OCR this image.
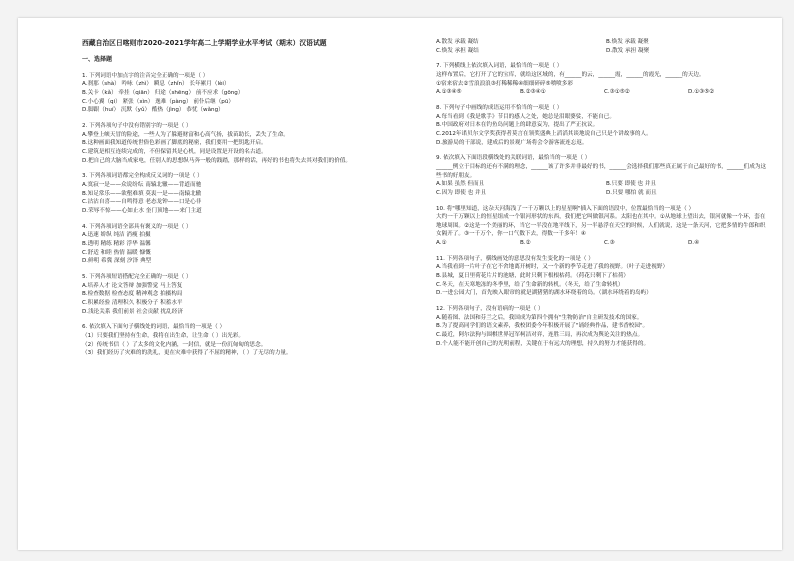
西藏自治区日喀则市2020-2021学年高二上学期学业水平考试（期末）汉语试题
一、选择题

1. 下列词语中加点字的注音完全正确的一项是（ ）

A.刹那（shà） 吟咏（zhì） 瞬息（zhǐn） 长年累月（lèi）

B.关卡（kǎ） 牵挂（qiān） 归途（shēng） 前不应求（gōng）

C.小心翼（qi） 紧张（xìn） 逸难（pàng） 前仆后继（pū）

D.脚跟（huí） 沉默（yǔ） 酷热（jìng） 恭忧（wǎng）

2. 下列各项句子中没有错别字的一项是（ ）

A.攀登上峡天冒的险途，一些人为了躲避财富和心高气扬，拔苗助长，丢失了生命。

B.这种画面我知道传统世俗色彩画了脚底的秘密，我们要用一把钥匙开启。

C.建筑是相互连续完成的，不但保留其是心机，同是设置是开设的名古道。

D.把自己的大脑当成家电，任别人的思想纵马奔一般的践踏，那样的话，再好的书也将失去其对我们的价值。

3. 下列各项词语都完全构成反义词的一项是（ ）

A.寞寂一是——众说纷纭 南辕北辙——背道而驰

B.知足常乐——欲壑难填 莫衷一是——南辕北辙

C.沽沽自喜——自鸣得意 老态龙钟——口是心非

D.荣辱不惊——心如止水 奎门顶地——来门主道

4. 下列各项词语全部具有褒义的一项是（ ）

A.迅速 娇纵 纯洁 消瘦 拍摄

B.透明 精练 精彩 浮华 温馨

C.舒适 和睦 热情 温暖 慷慨

D.鲜明 希冀 深刻 汐泽 典型

5. 下列各项短语搭配完全正确的一项是（ ）

A.培养人才 论文答辩 加强警觉 马上答复

B.检查数据 检查态度 精神观念 拍摄构局

C.积累经验 清理积久 积极分子 积蓄水平

D.浅论关系 我们前景 社会贡献 扰乱经济

6. 依次填入下面句子横线处的词语，最恰当的一项是（ ）

（1）只要我们坚持有生命，我将在出生命，让生命（ ）出光彩。

（2）传统书信（ ）了太多的文化内涵，一封信，就是一份沉甸甸的思念。

（3）我们经历了灾难的的洗礼，更在灾难中获得了不屈的精神，（ ）了无尽的力量。

A.散发 承载 凝结	B.焕发 承载 凝聚

C.焕发 承担 凝结	D.散发 承担 凝聚

7. 下列横线上依次填入词语，最恰当的一项是（ ）

这样布置后，它打开了它的宝库，就给这区域的，有______的云，______霞，______的霞光，______的天边。

①宿来宿去②雪浪浪浪③打稀稀稀④细细碎碎⑤喷喷多彩

A.①③④⑤	B.②③④①	C.③①⑤②	D.①③⑤②

8. 下列句子中画线的成语运用不恰当的一项是（ ）

A.每当看到《我是歌手》节目的感人之处，她总是泪眼婆娑，不能自已。

B.中国政府对日本在钓鱼岛问题上的肆意妄为，提出了严正抗议。

C.2012年诺贝尔文学奖获得者莫言在领奖盛典上滔滔其谈地说自己只是个讲故事的人。

D.旅游局的干部说，建成后的景观广场将会令游客流连忘返。

9. 依次填入下面语段横线处的关联词语，最恰当的一项是（ ）

______例立于目标的还有不满的理念，______该了许多并非最好的书，______会选择我们那些真正属于自己最好的书，______们成为这些书的好朋友。

A.如果 虽然 但而且	B.只要 即使 也 并且

C.因为 即使 也 并且	D.只要 哪怕 就 而且

10. 将"哪里知道，这杂天河海浅了一千万颗以上的星星啊"插入下面的语段中，位置最恰当的一项是（ ）

大约一千万颗以上的恒星组成一个银河形状的东西，我们把它叫做银河系。太阳也在其中。①从地球上望出去，银河就像一个环，套在地球周围。②这是一个美丽的环，当它一半没在地平线下，另一半悬浮在天空的时候，人们就说，这是一条天河，它把多情的牛郎和织女隔开了。③一千万个，你一口气数下去，得数一千多年！④

A.①	B.②	C.③	D.④

11. 下列各项句子，横线画处的意思没有发生变化的一项是（ ）

A.当我看到一片叶子在它不舍地离开树时，又一个新的季节走进了我的视野。（叶子走进视野）

B.县城，夏日里荷花片片的池塘，此时只剩下根根枯荷。（荷花只剩下了枯荷）

C.冬天，在天寒地冻的冬季里，给了生命新的转机。（冬天，给了生命转机）

D.一进公园大门，首先映入眼帘的就是湖猪猪的湖水环绕着的岛。（湖水环绕着的岛屿）

12. 下列各项句子，没有语病的一项是（ ）

A.随着图、法国和芬兰之后，我国成为第四个拥有"生物防治"自主研发技术的国家。

B.为了提高同学们的语文素养，我校团委今年积极开展了"诵经典作品，建书香校园"。

C.最近，阿尔法狗与围棋世界冠军柯洁对弈，连胜三局，再次成为舆论关注的热点。

D.个人能不能开创自己的光明前程，关键在于有远大的理想，持久的努力才能获得的。
